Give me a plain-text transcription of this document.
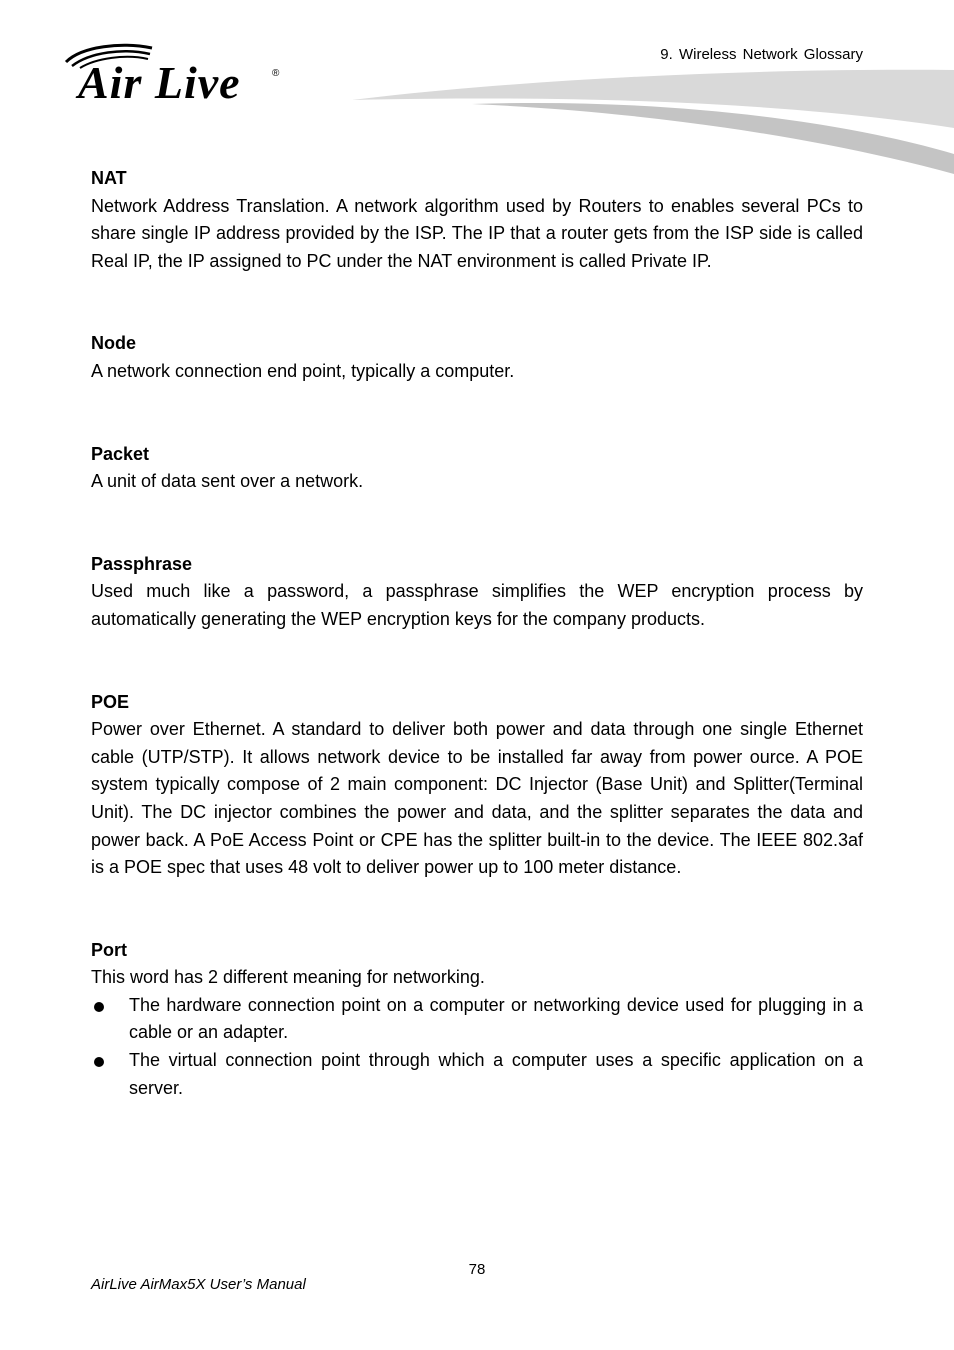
Air Live	®
9. Wireless Network Glossary
NAT
Network Address Translation. A network algorithm used by Routers to enables several PCs to share single IP address provided by the ISP. The IP that a router gets from the ISP side is called Real IP, the IP assigned to PC under the NAT environment is called Private IP.
Node
A network connection end point, typically a computer.
Packet
A unit of data sent over a network.
Passphrase
Used much like a password, a passphrase simplifies the WEP encryption process by automatically generating the WEP encryption keys for the company products.
POE
Power over Ethernet. A standard to deliver both power and data through one single Ethernet cable (UTP/STP). It allows network device to be installed far away from power ource. A POE system typically compose of 2 main component: DC Injector (Base Unit) and Splitter(Terminal Unit). The DC injector combines the power and data, and the splitter separates the data and power back. A PoE Access Point or CPE has the splitter built-in to the device. The IEEE 802.3af is a POE spec that uses 48 volt to deliver power up to 100 meter distance.
Port
This word has 2 different meaning for networking.
The hardware connection point on a computer or networking device used for plugging in a cable or an adapter.
The virtual connection point through which a computer uses a specific application on a server.
78
AirLive AirMax5X User’s Manual
